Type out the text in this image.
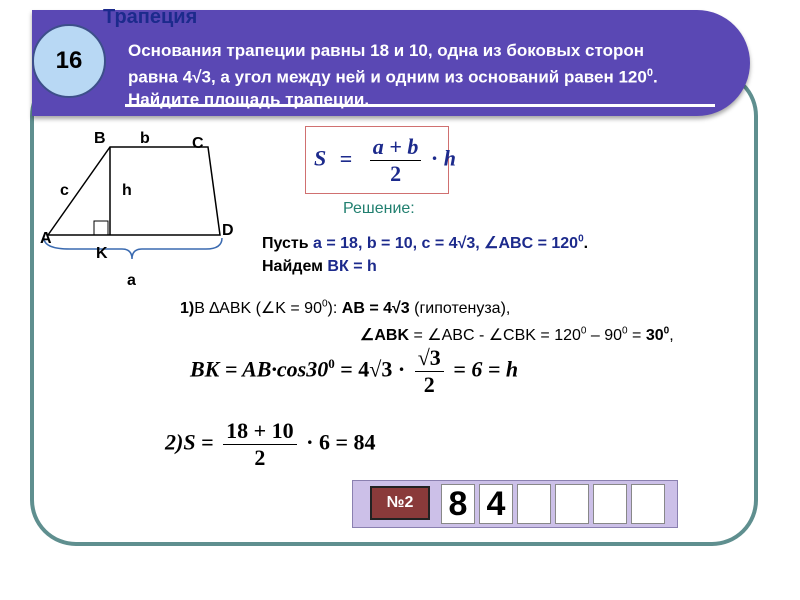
Трапеция
16	Основания трапеции равны 18 и 10, одна из боковых сторон
равна 4√3, а угол между ней и одним из оснований равен $120^0$.
Найдите площадь трапеции.
B b	C
c	h
A	D
K
a
$S = \frac{a + b}{2} \cdot h$
Решение:
Пусть a = 18, b = 10, c = 4√3, ∠ABC = $120^0$.
Найдем ВК = h
1)В ∆ABK (∠K = $90^0$): AB = 4√3 (гипотенуза),
∠ABK = ∠ABC - ∠CBK = $120^0 - 90^0 = 30^0$,
BK = $AB\cdot\cos 30^0 = 4√3 \cdot \frac{√3}{2} = 6 = h$
$2)S = \frac{18 + 10}{2} \cdot 6 = 84$
№2	8 4
